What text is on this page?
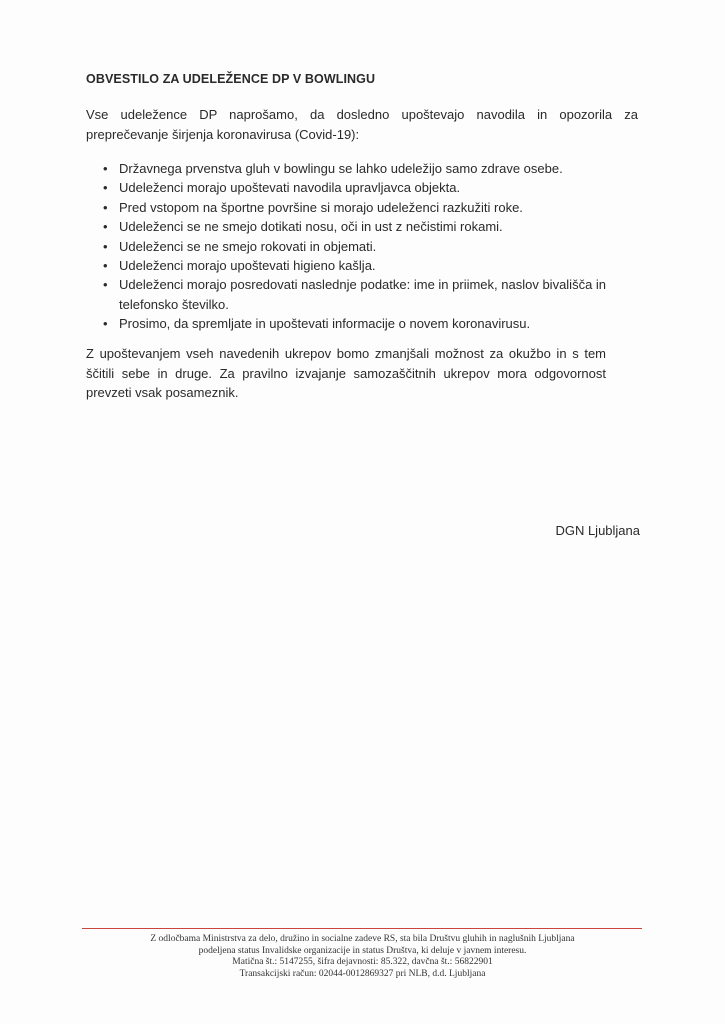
OBVESTILO ZA UDELEŽENCE DP V BOWLINGU
Vse udeležence DP naprošamo, da dosledno upoštevajo navodila in opozorila za preprečevanje širjenja koronavirusa (Covid-19):
• Državnega prvenstva gluh v bowlingu se lahko udeležijo samo zdrave osebe.
• Udeleženci morajo upoštevati navodila upravljavca objekta.
• Pred vstopom na športne površine si morajo udeleženci razkužiti roke.
• Udeleženci se ne smejo dotikati nosu, oči in ust z nečistimi rokami.
• Udeleženci se ne smejo rokovati in objemati.
• Udeleženci morajo upoštevati higieno kašlja.
• Udeleženci morajo posredovati naslednje podatke: ime in priimek, naslov bivališča in telefonsko številko.
• Prosimo, da spremljate in upoštevati informacije o novem koronavirusu.
Z upoštevanjem vseh navedenih ukrepov bomo zmanjšali možnost za okužbo in s tem ščitili sebe in druge. Za pravilno izvajanje samozaščitnih ukrepov mora odgovornost prevzeti vsak posameznik.
DGN Ljubljana
Z odločbama Ministrstva za delo, družino in socialne zadeve RS, sta bila Društvu gluhih in naglušnih Ljubljana
podeljena status Invalidske organizacije in status Društva, ki deluje v javnem interesu.
Matična št.: 5147255, šifra dejavnosti: 85.322, davčna št.: 56822901
Transakcijski račun: 02044-0012869327 pri NLB, d.d. Ljubljana
